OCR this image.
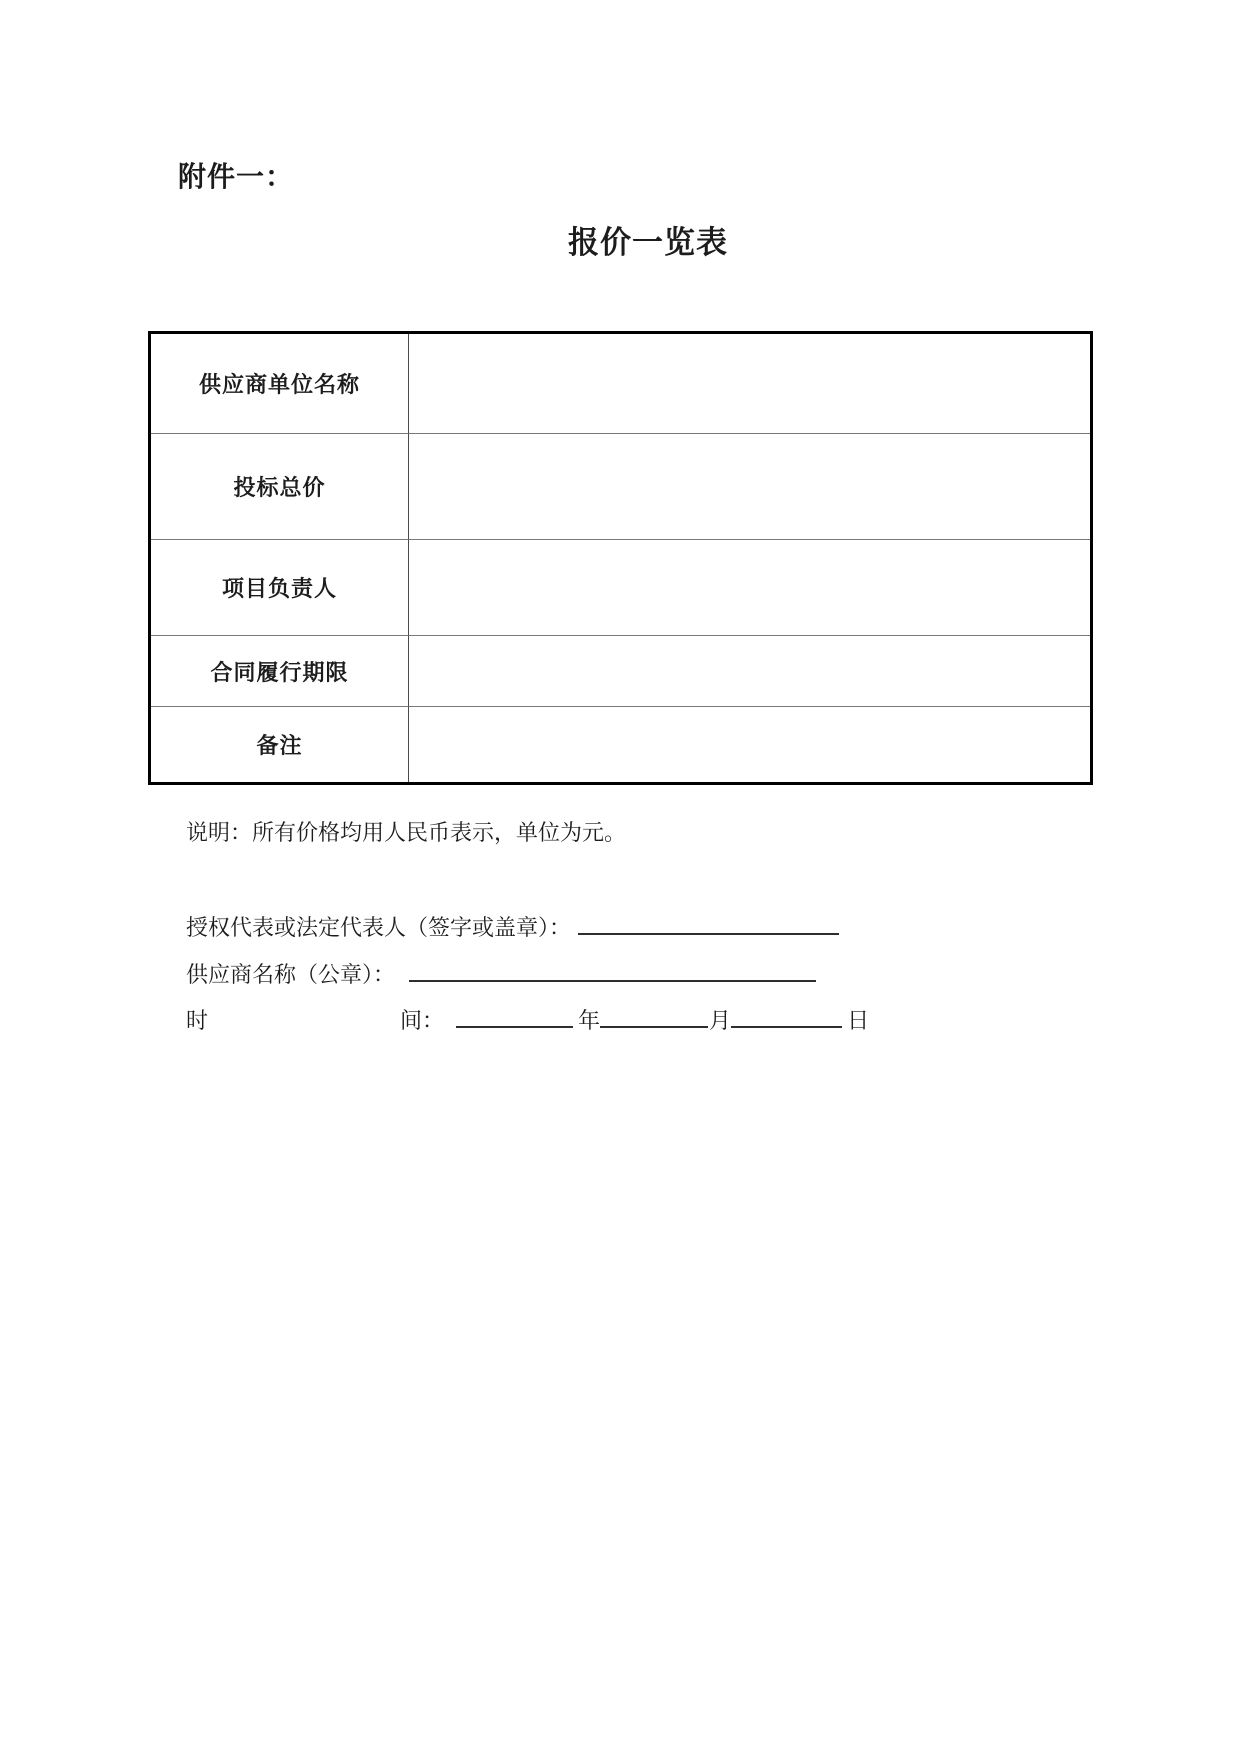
附件一：
报价一览表
供应商单位名称
投标总价
项目负责人
合同履行期限
备注
说明：所有价格均用人民币表示，单位为元。
授权代表或法定代表人（签字或盖章）：
供应商名称（公章）：
时	间：	年	月	日
